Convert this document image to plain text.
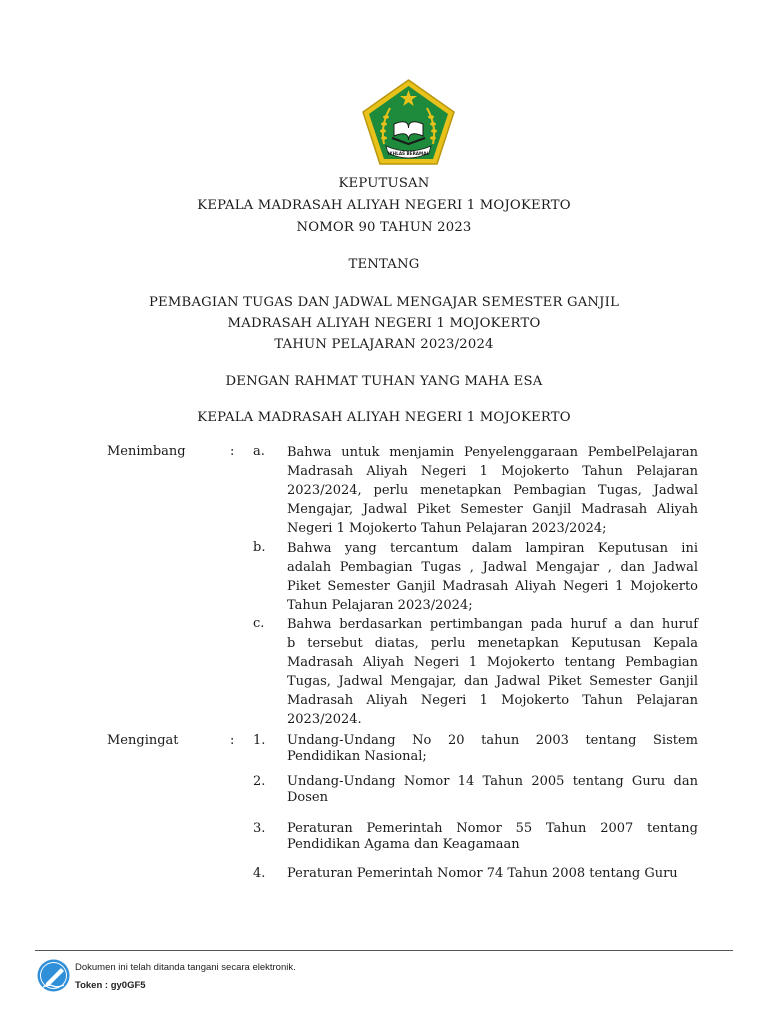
IKHLAS BERAMAL
KEPUTUSAN
KEPALA MADRASAH ALIYAH NEGERI 1 MOJOKERTO
NOMOR 90 TAHUN 2023
TENTANG
PEMBAGIAN TUGAS DAN JADWAL MENGAJAR SEMESTER GANJIL
MADRASAH ALIYAH NEGERI 1 MOJOKERTO
TAHUN PELAJARAN 2023/2024
DENGAN RAHMAT TUHAN YANG MAHA ESA
KEPALA MADRASAH ALIYAH NEGERI 1 MOJOKERTO
Menimbang	: a. Bahwa untuk menjamin Penyelenggaraan PembelPelajaran
Madrasah Aliyah Negeri 1 Mojokerto Tahun Pelajaran
2023/2024, perlu menetapkan Pembagian Tugas, Jadwal
Mengajar, Jadwal Piket Semester Ganjil Madrasah Aliyah
Negeri 1 Mojokerto Tahun Pelajaran 2023/2024;
b. Bahwa yang tercantum dalam lampiran Keputusan ini
adalah Pembagian Tugas , Jadwal Mengajar , dan Jadwal
Piket Semester Ganjil Madrasah Aliyah Negeri 1 Mojokerto
Tahun Pelajaran 2023/2024;
c. Bahwa berdasarkan pertimbangan pada huruf a dan huruf
b tersebut diatas, perlu menetapkan Keputusan Kepala
Madrasah Aliyah Negeri 1 Mojokerto tentang Pembagian
Tugas, Jadwal Mengajar, dan Jadwal Piket Semester Ganjil
Madrasah Aliyah Negeri 1 Mojokerto Tahun Pelajaran
2023/2024.
Mengingat	: 1. Undang-Undang No 20 tahun 2003 tentang Sistem
Pendidikan Nasional;
2. Undang-Undang Nomor 14 Tahun 2005 tentang Guru dan
Dosen
3. Peraturan Pemerintah Nomor 55 Tahun 2007 tentang
Pendidikan Agama dan Keagamaan
4. Peraturan Pemerintah Nomor 74 Tahun 2008 tentang Guru
Dokumen ini telah ditanda tangani secara elektronik.
Token : gy0GF5
